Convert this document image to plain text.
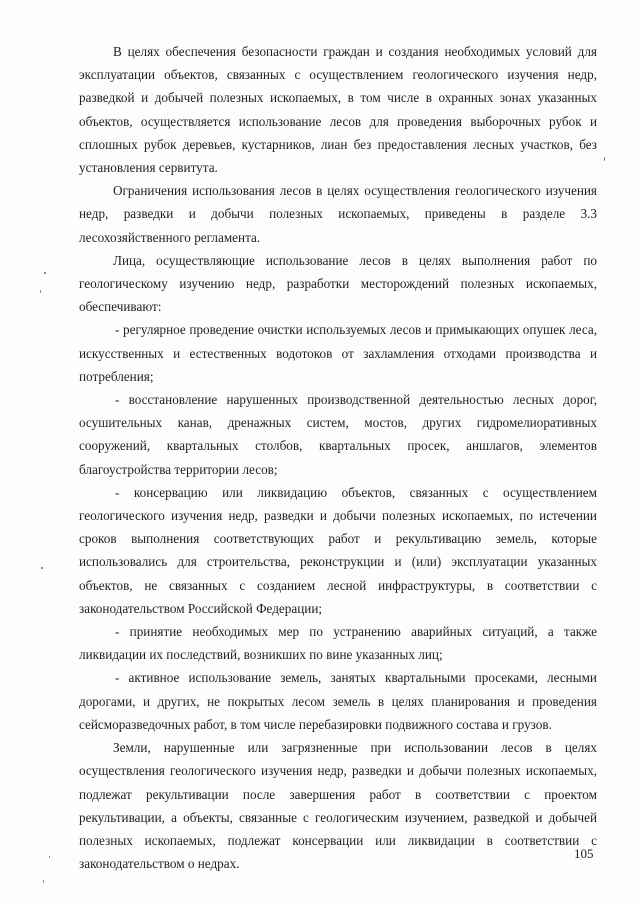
В целях обеспечения безопасности граждан и создания необходимых условий для эксплуатации объектов, связанных с осуществлением геологического изучения недр, разведкой и добычей полезных ископаемых, в том числе в охранных зонах указанных объектов, осуществляется использование лесов для проведения выборочных рубок и сплошных рубок деревьев, кустарников, лиан без предоставления лесных участков, без установления сервитута.

Ограничения использования лесов в целях осуществления геологического изучения недр, разведки и добычи полезных ископаемых, приведены в разделе 3.3 лесохозяйственного регламента.

Лица, осуществляющие использование лесов в целях выполнения работ по геологическому изучению недр, разработки месторождений полезных ископаемых, обеспечивают:

- регулярное проведение очистки используемых лесов и примыкающих опушек леса, искусственных и естественных водотоков от захламления отходами производства и потребления;

- восстановление нарушенных производственной деятельностью лесных дорог, осушительных канав, дренажных систем, мостов, других гидромелиоративных сооружений, квартальных столбов, квартальных просек, аншлагов, элементов благоустройства территории лесов;

- консервацию или ликвидацию объектов, связанных с осуществлением геологического изучения недр, разведки и добычи полезных ископаемых, по истечении сроков выполнения соответствующих работ и рекультивацию земель, которые использовались для строительства, реконструкции и (или) эксплуатации указанных объектов, не связанных с созданием лесной инфраструктуры, в соответствии с законодательством Российской Федерации;

- принятие необходимых мер по устранению аварийных ситуаций, а также ликвидации их последствий, возникших по вине указанных лиц;

- активное использование земель, занятых квартальными просеками, лесными дорогами, и других, не покрытых лесом земель в целях планирования и проведения сейсморазведочных работ, в том числе перебазировки подвижного состава и грузов.

Земли, нарушенные или загрязненные при использовании лесов в целях осуществления геологического изучения недр, разведки и добычи полезных ископаемых, подлежат рекультивации после завершения работ в соответствии с проектом рекультивации, а объекты, связанные с геологическим изучением, разведкой и добычей полезных ископаемых, подлежат консервации или ликвидации в соответствии с законодательством о недрах.

105
